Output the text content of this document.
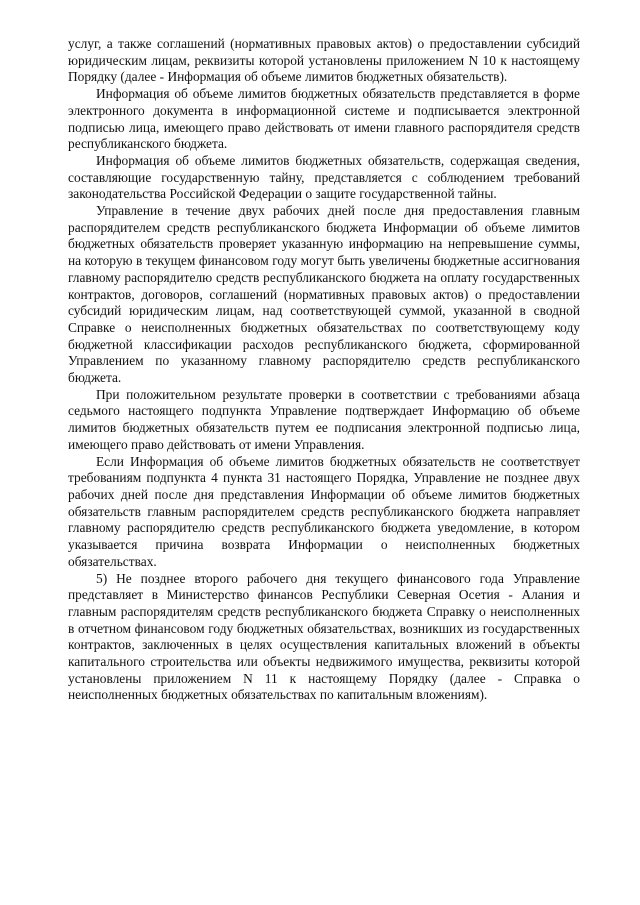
услуг, а также соглашений (нормативных правовых актов) о предоставлении субсидий юридическим лицам, реквизиты которой установлены приложением N 10 к настоящему Порядку (далее - Информация об объеме лимитов бюджетных обязательств).

Информация об объеме лимитов бюджетных обязательств представляется в форме электронного документа в информационной системе и подписывается электронной подписью лица, имеющего право действовать от имени главного распорядителя средств республиканского бюджета.

Информация об объеме лимитов бюджетных обязательств, содержащая сведения, составляющие государственную тайну, представляется с соблюдением требований законодательства Российской Федерации о защите государственной тайны.

Управление в течение двух рабочих дней после дня предоставления главным распорядителем средств республиканского бюджета Информации об объеме лимитов бюджетных обязательств проверяет указанную информацию на непревышение суммы, на которую в текущем финансовом году могут быть увеличены бюджетные ассигнования главному распорядителю средств республиканского бюджета на оплату государственных контрактов, договоров, соглашений (нормативных правовых актов) о предоставлении субсидий юридическим лицам, над соответствующей суммой, указанной в сводной Справке о неисполненных бюджетных обязательствах по соответствующему коду бюджетной классификации расходов республиканского бюджета, сформированной Управлением по указанному главному распорядителю средств республиканского бюджета.

При положительном результате проверки в соответствии с требованиями абзаца седьмого настоящего подпункта Управление подтверждает Информацию об объеме лимитов бюджетных обязательств путем ее подписания электронной подписью лица, имеющего право действовать от имени Управления.

Если Информация об объеме лимитов бюджетных обязательств не соответствует требованиям подпункта 4 пункта 31 настоящего Порядка, Управление не позднее двух рабочих дней после дня представления Информации об объеме лимитов бюджетных обязательств главным распорядителем средств республиканского бюджета направляет главному распорядителю средств республиканского бюджета уведомление, в котором указывается причина возврата Информации о неисполненных бюджетных обязательствах.

5) Не позднее второго рабочего дня текущего финансового года Управление представляет в Министерство финансов Республики Северная Осетия - Алания и главным распорядителям средств республиканского бюджета Справку о неисполненных в отчетном финансовом году бюджетных обязательствах, возникших из государственных контрактов, заключенных в целях осуществления капитальных вложений в объекты капитального строительства или объекты недвижимого имущества, реквизиты которой установлены приложением N 11 к настоящему Порядку (далее - Справка о неисполненных бюджетных обязательствах по капитальным вложениям).
